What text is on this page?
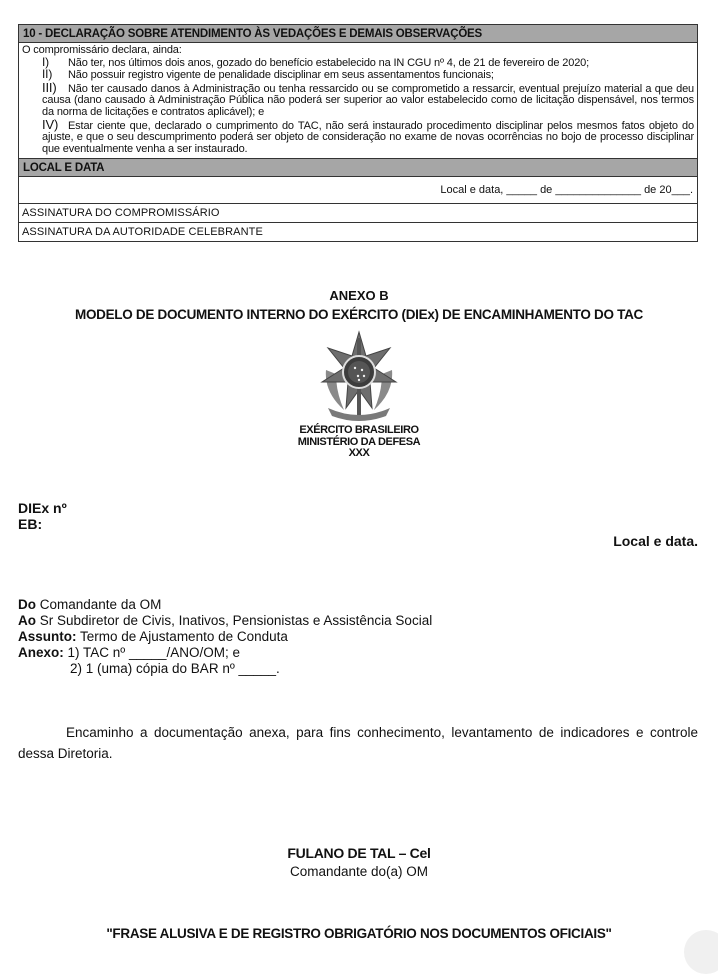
10 - DECLARAÇÃO SOBRE ATENDIMENTO ÀS VEDAÇÕES E DEMAIS OBSERVAÇÕES

O compromissário declara, ainda:

I) Não ter, nos últimos dois anos, gozado do benefício estabelecido na IN CGU nº 4, de 21 de fevereiro de 2020;

II) Não possuir registro vigente de penalidade disciplinar em seus assentamentos funcionais;

III) Não ter causado danos à Administração ou tenha ressarcido ou se comprometido a ressarcir, eventual prejuízo material a que deu causa (dano causado à Administração Pública não poderá ser superior ao valor estabelecido como de licitação dispensável, nos termos da norma de licitações e contratos aplicável); e

IV) Estar ciente que, declarado o cumprimento do TAC, não será instaurado procedimento disciplinar pelos mesmos fatos objeto do ajuste, e que o seu descumprimento poderá ser objeto de consideração no exame de novas ocorrências no bojo de processo disciplinar que eventualmente venha a ser instaurado.

LOCAL E DATA
Local e data, _____ de ______________ de 20___.
ASSINATURA DO COMPROMISSÁRIO
ASSINATURA DA AUTORIDADE CELEBRANTE
ANEXO B
MODELO DE DOCUMENTO INTERNO DO EXÉRCITO (DIEx) DE ENCAMINHAMENTO DO TAC
EXÉRCITO BRASILEIRO
MINISTÉRIO DA DEFESA
XXX
DIEx nº
EB:
Local e data.
Do Comandante da OM
Ao Sr Subdiretor de Civis, Inativos, Pensionistas e Assistência Social
Assunto: Termo de Ajustamento de Conduta
Anexo: 1) TAC nº _____/ANO/OM; e
2) 1 (uma) cópia do BAR nº _____.
Encaminho a documentação anexa, para fins conhecimento, levantamento de indicadores e controle dessa Diretoria.
FULANO DE TAL – Cel
Comandante do(a) OM
"FRASE ALUSIVA E DE REGISTRO OBRIGATÓRIO NOS DOCUMENTOS OFICIAIS"
